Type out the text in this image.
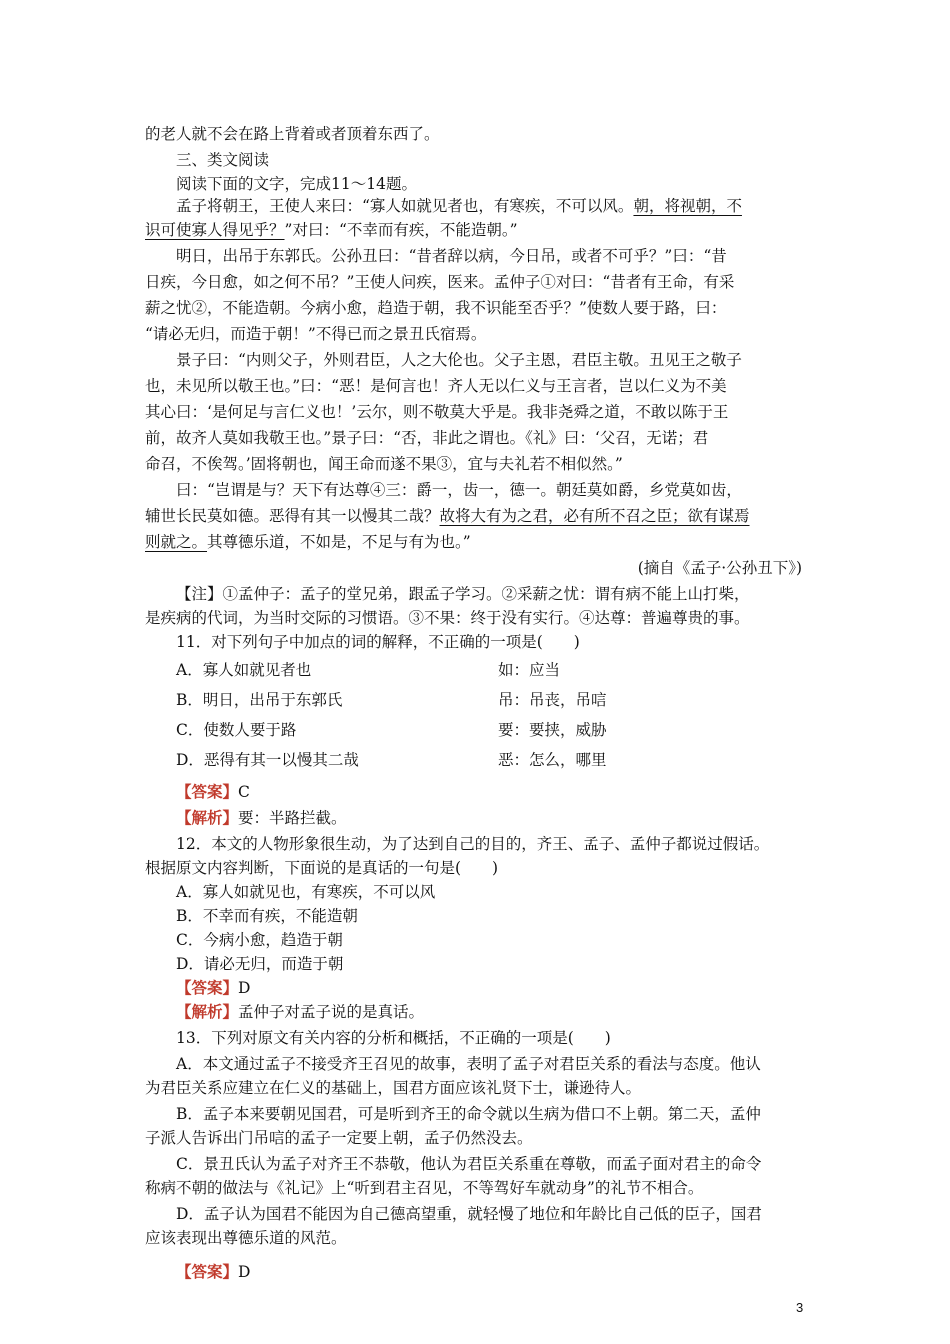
的老人就不会在路上背着或者顶着东西了。
三、类文阅读
阅读下面的文字，完成11～14题。
孟子将朝王，王使人来曰：“寡人如就见者也，有寒疾，不可以风。朝，将视朝，不
识可使寡人得见乎？”对曰：“不幸而有疾，不能造朝。”
明日，出吊于东郭氏。公孙丑曰：“昔者辞以病，今日吊，或者不可乎？”曰：“昔
日疾，今日愈，如之何不吊？”王使人问疾，医来。孟仲子①对曰：“昔者有王命，有采
薪之忧②，不能造朝。今病小愈，趋造于朝，我不识能至否乎？”使数人要于路，曰：
“请必无归，而造于朝！”不得已而之景丑氏宿焉。
景子曰：“内则父子，外则君臣，人之大伦也。父子主恩，君臣主敬。丑见王之敬子
也，未见所以敬王也。”曰：“恶！是何言也！齐人无以仁义与王言者，岂以仁义为不美
其心曰：‘是何足与言仁义也！’云尔，则不敬莫大乎是。我非尧舜之道，不敢以陈于王
前，故齐人莫如我敬王也。”景子曰：“否，非此之谓也。《礼》曰：‘父召，无诺；君
命召，不俟驾。’固将朝也，闻王命而遂不果③，宜与夫礼若不相似然。”
曰：“岂谓是与？天下有达尊④三：爵一，齿一，德一。朝廷莫如爵，乡党莫如齿，
辅世长民莫如德。恶得有其一以慢其二哉？故将大有为之君，必有所不召之臣；欲有谋焉
则就之。其尊德乐道，不如是，不足与有为也。”
【注】①孟仲子：孟子的堂兄弟，跟孟子学习。②采薪之忧：谓有病不能上山打柴，
是疾病的代词，为当时交际的习惯语。③不果：终于没有实行。④达尊：普遍尊贵的事。
11．对下列句子中加点的词的解释，不正确的一项是(　　)
(摘自《孟子·公孙丑下》)
A．寡人如就见者也	如：应当
B．明日，出吊于东郭氏	吊：吊丧，吊唁
C．使数人要于路	要：要挟，威胁
D．恶得有其一以慢其二哉	恶：怎么，哪里
【答案】C
【解析】要：半路拦截。
12．本文的人物形象很生动，为了达到自己的目的，齐王、孟子、孟仲子都说过假话。
根据原文内容判断，下面说的是真话的一句是(　　)
A．寡人如就见也，有寒疾，不可以风
B．不幸而有疾，不能造朝
C．今病小愈，趋造于朝
D．请必无归，而造于朝
【答案】D
【解析】孟仲子对孟子说的是真话。
13．下列对原文有关内容的分析和概括，不正确的一项是(　　)
A．本文通过孟子不接受齐王召见的故事，表明了孟子对君臣关系的看法与态度。他认
为君臣关系应建立在仁义的基础上，国君方面应该礼贤下士，谦逊待人。
B．孟子本来要朝见国君，可是听到齐王的命令就以生病为借口不上朝。第二天，孟仲
子派人告诉出门吊唁的孟子一定要上朝，孟子仍然没去。
C．景丑氏认为孟子对齐王不恭敬，他认为君臣关系重在尊敬，而孟子面对君主的命令
称病不朝的做法与《礼记》上“听到君主召见，不等驾好车就动身”的礼节不相合。
D．孟子认为国君不能因为自己德高望重，就轻慢了地位和年龄比自己低的臣子，国君
应该表现出尊德乐道的风范。
【答案】D
3
